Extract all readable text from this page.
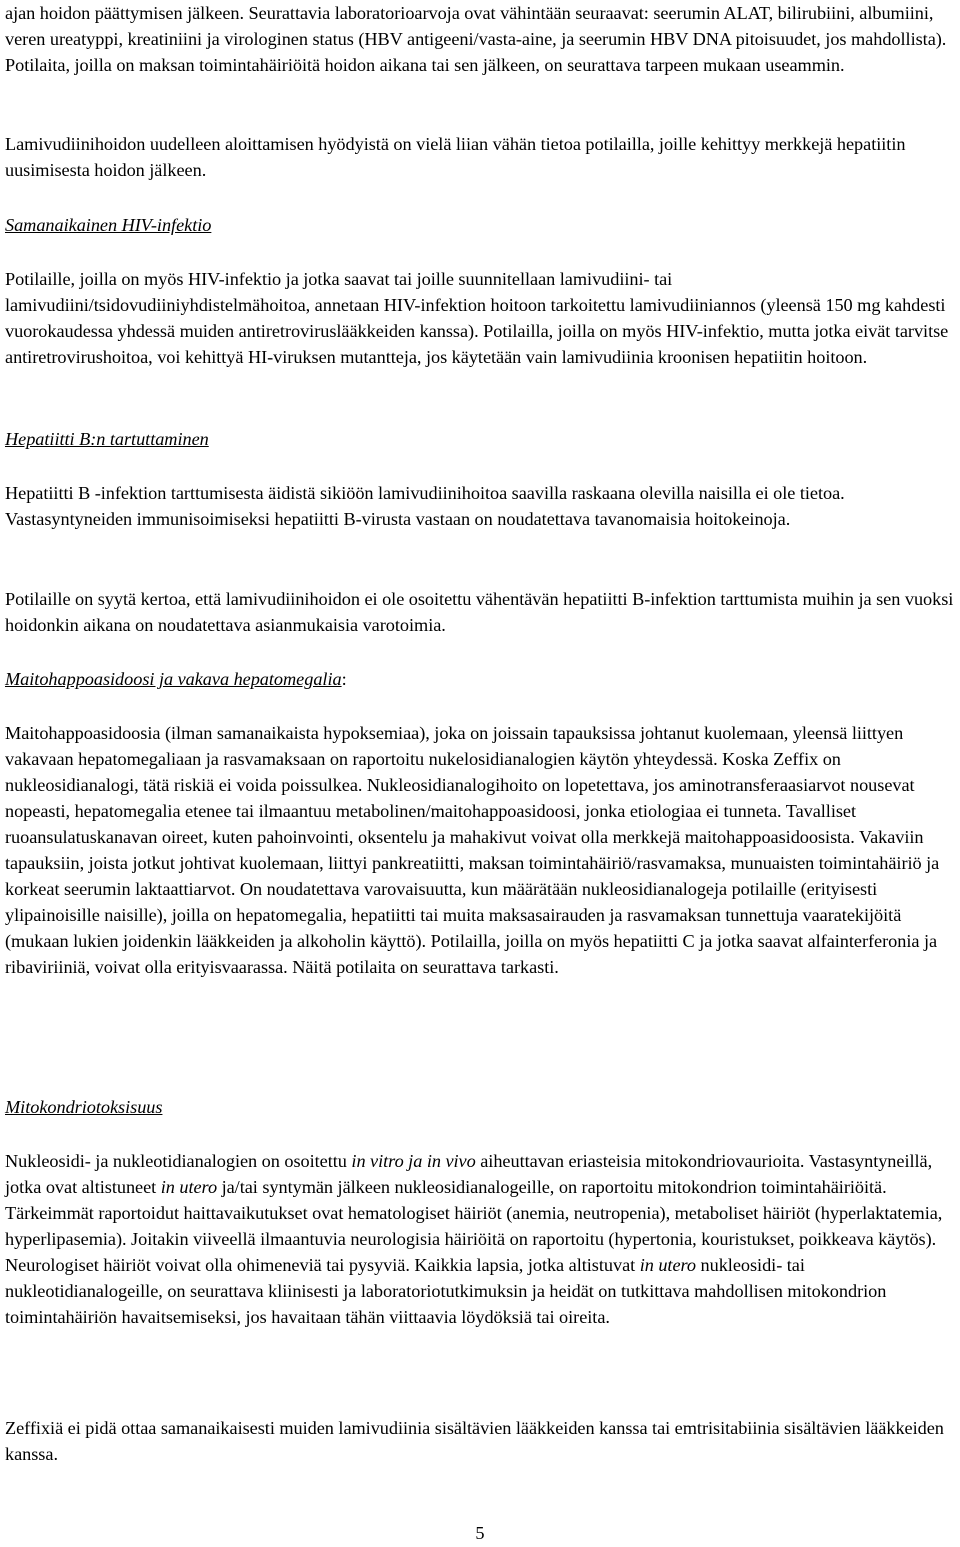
ajan hoidon päättymisen jälkeen. Seurattavia laboratorioarvoja ovat vähintään seuraavat: seerumin ALAT, bilirubiini, albumiini, veren ureatyppi, kreatiniini ja virologinen status (HBV antigeeni/vasta-aine, ja seerumin HBV DNA pitoisuudet, jos mahdollista). Potilaita, joilla on maksan toimintahäiriöitä hoidon aikana tai sen jälkeen, on seurattava tarpeen mukaan useammin.

Lamivudiinihoidon uudelleen aloittamisen hyödyistä on vielä liian vähän tietoa potilailla, joille kehittyy merkkejä hepatiitin uusimisesta hoidon jälkeen.

Samanaikainen HIV-infektio

Potilaille, joilla on myös HIV-infektio ja jotka saavat tai joille suunnitellaan lamivudiini- tai lamivudiini/tsidovudiiniyhdistelmähoitoa, annetaan HIV-infektion hoitoon tarkoitettu lamivudiiniannos (yleensä 150 mg kahdesti vuorokaudessa yhdessä muiden antiretroviruslääkkeiden kanssa). Potilailla, joilla on myös HIV-infektio, mutta jotka eivät tarvitse antiretrovirushoitoa, voi kehittyä HI-viruksen mutantteja, jos käytetään vain lamivudiinia kroonisen hepatiitin hoitoon.

Hepatiitti B:n tartuttaminen

Hepatiitti B -infektion tarttumisesta äidistä sikiöön lamivudiinihoitoa saavilla raskaana olevilla naisilla ei ole tietoa. Vastasyntyneiden immunisoimiseksi hepatiitti B-virusta vastaan on noudatettava tavanomaisia hoitokeinoja.

Potilaille on syytä kertoa, että lamivudiinihoidon ei ole osoitettu vähentävän hepatiitti B-infektion tarttumista muihin ja sen vuoksi hoidonkin aikana on noudatettava asianmukaisia varotoimia.

Maitohappoasidoosi ja vakava hepatomegalia:

Maitohappoasidoosia (ilman samanaikaista hypoksemiaa), joka on joissain tapauksissa johtanut kuolemaan, yleensä liittyen vakavaan hepatomegaliaan ja rasvamaksaan on raportoitu nukelosidianalogien käytön yhteydessä. Koska Zeffix on nukleosidianalogi, tätä riskiä ei voida poissulkea. Nukleosidianalogihoito on lopetettava, jos aminotransferaasiarvot nousevat nopeasti, hepatomegalia etenee tai ilmaantuu metabolinen/maitohappoasidoosi, jonka etiologiaa ei tunneta. Tavalliset ruoansulatuskanavan oireet, kuten pahoinvointi, oksentelu ja mahakivut voivat olla merkkejä maitohappoasidoosista. Vakaviin tapauksiin, joista jotkut johtivat kuolemaan, liittyi pankreatiitti, maksan toimintahäiriö/rasvamaksa, munuaisten toimintahäiriö ja korkeat seerumin laktaattiarvot. On noudatettava varovaisuutta, kun määrätään nukleosidianalogeja potilaille (erityisesti ylipainoisille naisille), joilla on hepatomegalia, hepatiitti tai muita maksasairauden ja rasvamaksan tunnettuja vaaratekijöitä (mukaan lukien joidenkin lääkkeiden ja alkoholin käyttö). Potilailla, joilla on myös hepatiitti C ja jotka saavat alfainterferonia ja ribaviriiniä, voivat olla erityisvaarassa. Näitä potilaita on seurattava tarkasti.

Mitokondriotoksisuus

Nukleosidi- ja nukleotidianalogien on osoitettu in vitro ja in vivo aiheuttavan eriasteisia mitokondriovaurioita. Vastasyntyneillä, jotka ovat altistuneet in utero ja/tai syntymän jälkeen nukleosidianalogeille, on raportoitu mitokondrion toimintahäiriöitä. Tärkeimmät raportoidut haittavaikutukset ovat hematologiset häiriöt (anemia, neutropenia), metaboliset häiriöt (hyperlaktatemia, hyperlipasemia). Joitakin viiveellä ilmaantuvia neurologisia häiriöitä on raportoitu (hypertonia, kouristukset, poikkeava käytös). Neurologiset häiriöt voivat olla ohimeneviä tai pysyviä. Kaikkia lapsia, jotka altistuvat in utero nukleosidi- tai nukleotidianalogeille, on seurattava kliinisesti ja laboratoriotutkimuksin ja heidät on tutkittava mahdollisen mitokondrion toimintahäiriön havaitsemiseksi, jos havaitaan tähän viittaavia löydöksiä tai oireita.

Zeffixiä ei pidä ottaa samanaikaisesti muiden lamivudiinia sisältävien lääkkeiden kanssa tai emtrisitabiinia sisältävien lääkkeiden kanssa.

5
